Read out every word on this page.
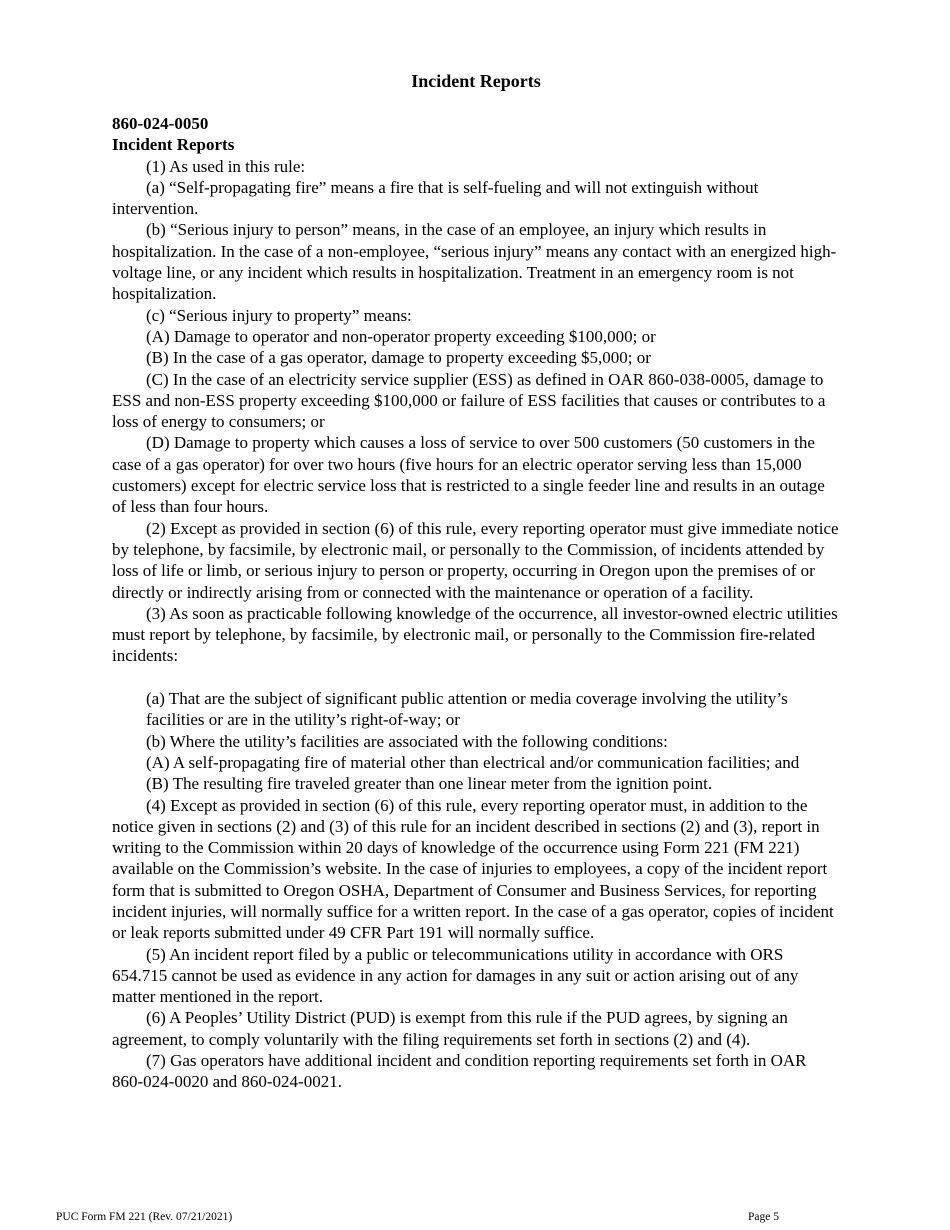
Incident Reports

860-024-0050

Incident Reports

(1) As used in this rule:

(a) “Self-propagating fire” means a fire that is self-fueling and will not extinguish without intervention.

(b) “Serious injury to person” means, in the case of an employee, an injury which results in hospitalization. In the case of a non-employee, “serious injury” means any contact with an energized high-voltage line, or any incident which results in hospitalization. Treatment in an emergency room is not hospitalization.

(c) “Serious injury to property” means:

(A) Damage to operator and non-operator property exceeding $100,000; or

(B) In the case of a gas operator, damage to property exceeding $5,000; or

(C) In the case of an electricity service supplier (ESS) as defined in OAR 860-038-0005, damage to ESS and non-ESS property exceeding $100,000 or failure of ESS facilities that causes or contributes to a loss of energy to consumers; or

(D) Damage to property which causes a loss of service to over 500 customers (50 customers in the case of a gas operator) for over two hours (five hours for an electric operator serving less than 15,000 customers) except for electric service loss that is restricted to a single feeder line and results in an outage of less than four hours.

(2) Except as provided in section (6) of this rule, every reporting operator must give immediate notice by telephone, by facsimile, by electronic mail, or personally to the Commission, of incidents attended by loss of life or limb, or serious injury to person or property, occurring in Oregon upon the premises of or directly or indirectly arising from or connected with the maintenance or operation of a facility.

(3) As soon as practicable following knowledge of the occurrence, all investor-owned electric utilities must report by telephone, by facsimile, by electronic mail, or personally to the Commission fire-related incidents:

(a) That are the subject of significant public attention or media coverage involving the utility’s facilities or are in the utility’s right-of-way; or

(b) Where the utility’s facilities are associated with the following conditions:

(A) A self-propagating fire of material other than electrical and/or communication facilities; and

(B) The resulting fire traveled greater than one linear meter from the ignition point.

(4) Except as provided in section (6) of this rule, every reporting operator must, in addition to the notice given in sections (2) and (3) of this rule for an incident described in sections (2) and (3), report in writing to the Commission within 20 days of knowledge of the occurrence using Form 221 (FM 221) available on the Commission’s website. In the case of injuries to employees, a copy of the incident report form that is submitted to Oregon OSHA, Department of Consumer and Business Services, for reporting incident injuries, will normally suffice for a written report. In the case of a gas operator, copies of incident or leak reports submitted under 49 CFR Part 191 will normally suffice.

(5) An incident report filed by a public or telecommunications utility in accordance with ORS 654.715 cannot be used as evidence in any action for damages in any suit or action arising out of any matter mentioned in the report.

(6) A Peoples’ Utility District (PUD) is exempt from this rule if the PUD agrees, by signing an agreement, to comply voluntarily with the filing requirements set forth in sections (2) and (4).

(7) Gas operators have additional incident and condition reporting requirements set forth in OAR 860-024-0020 and 860-024-0021.

PUC Form FM 221 (Rev. 07/21/2021)	Page 5
